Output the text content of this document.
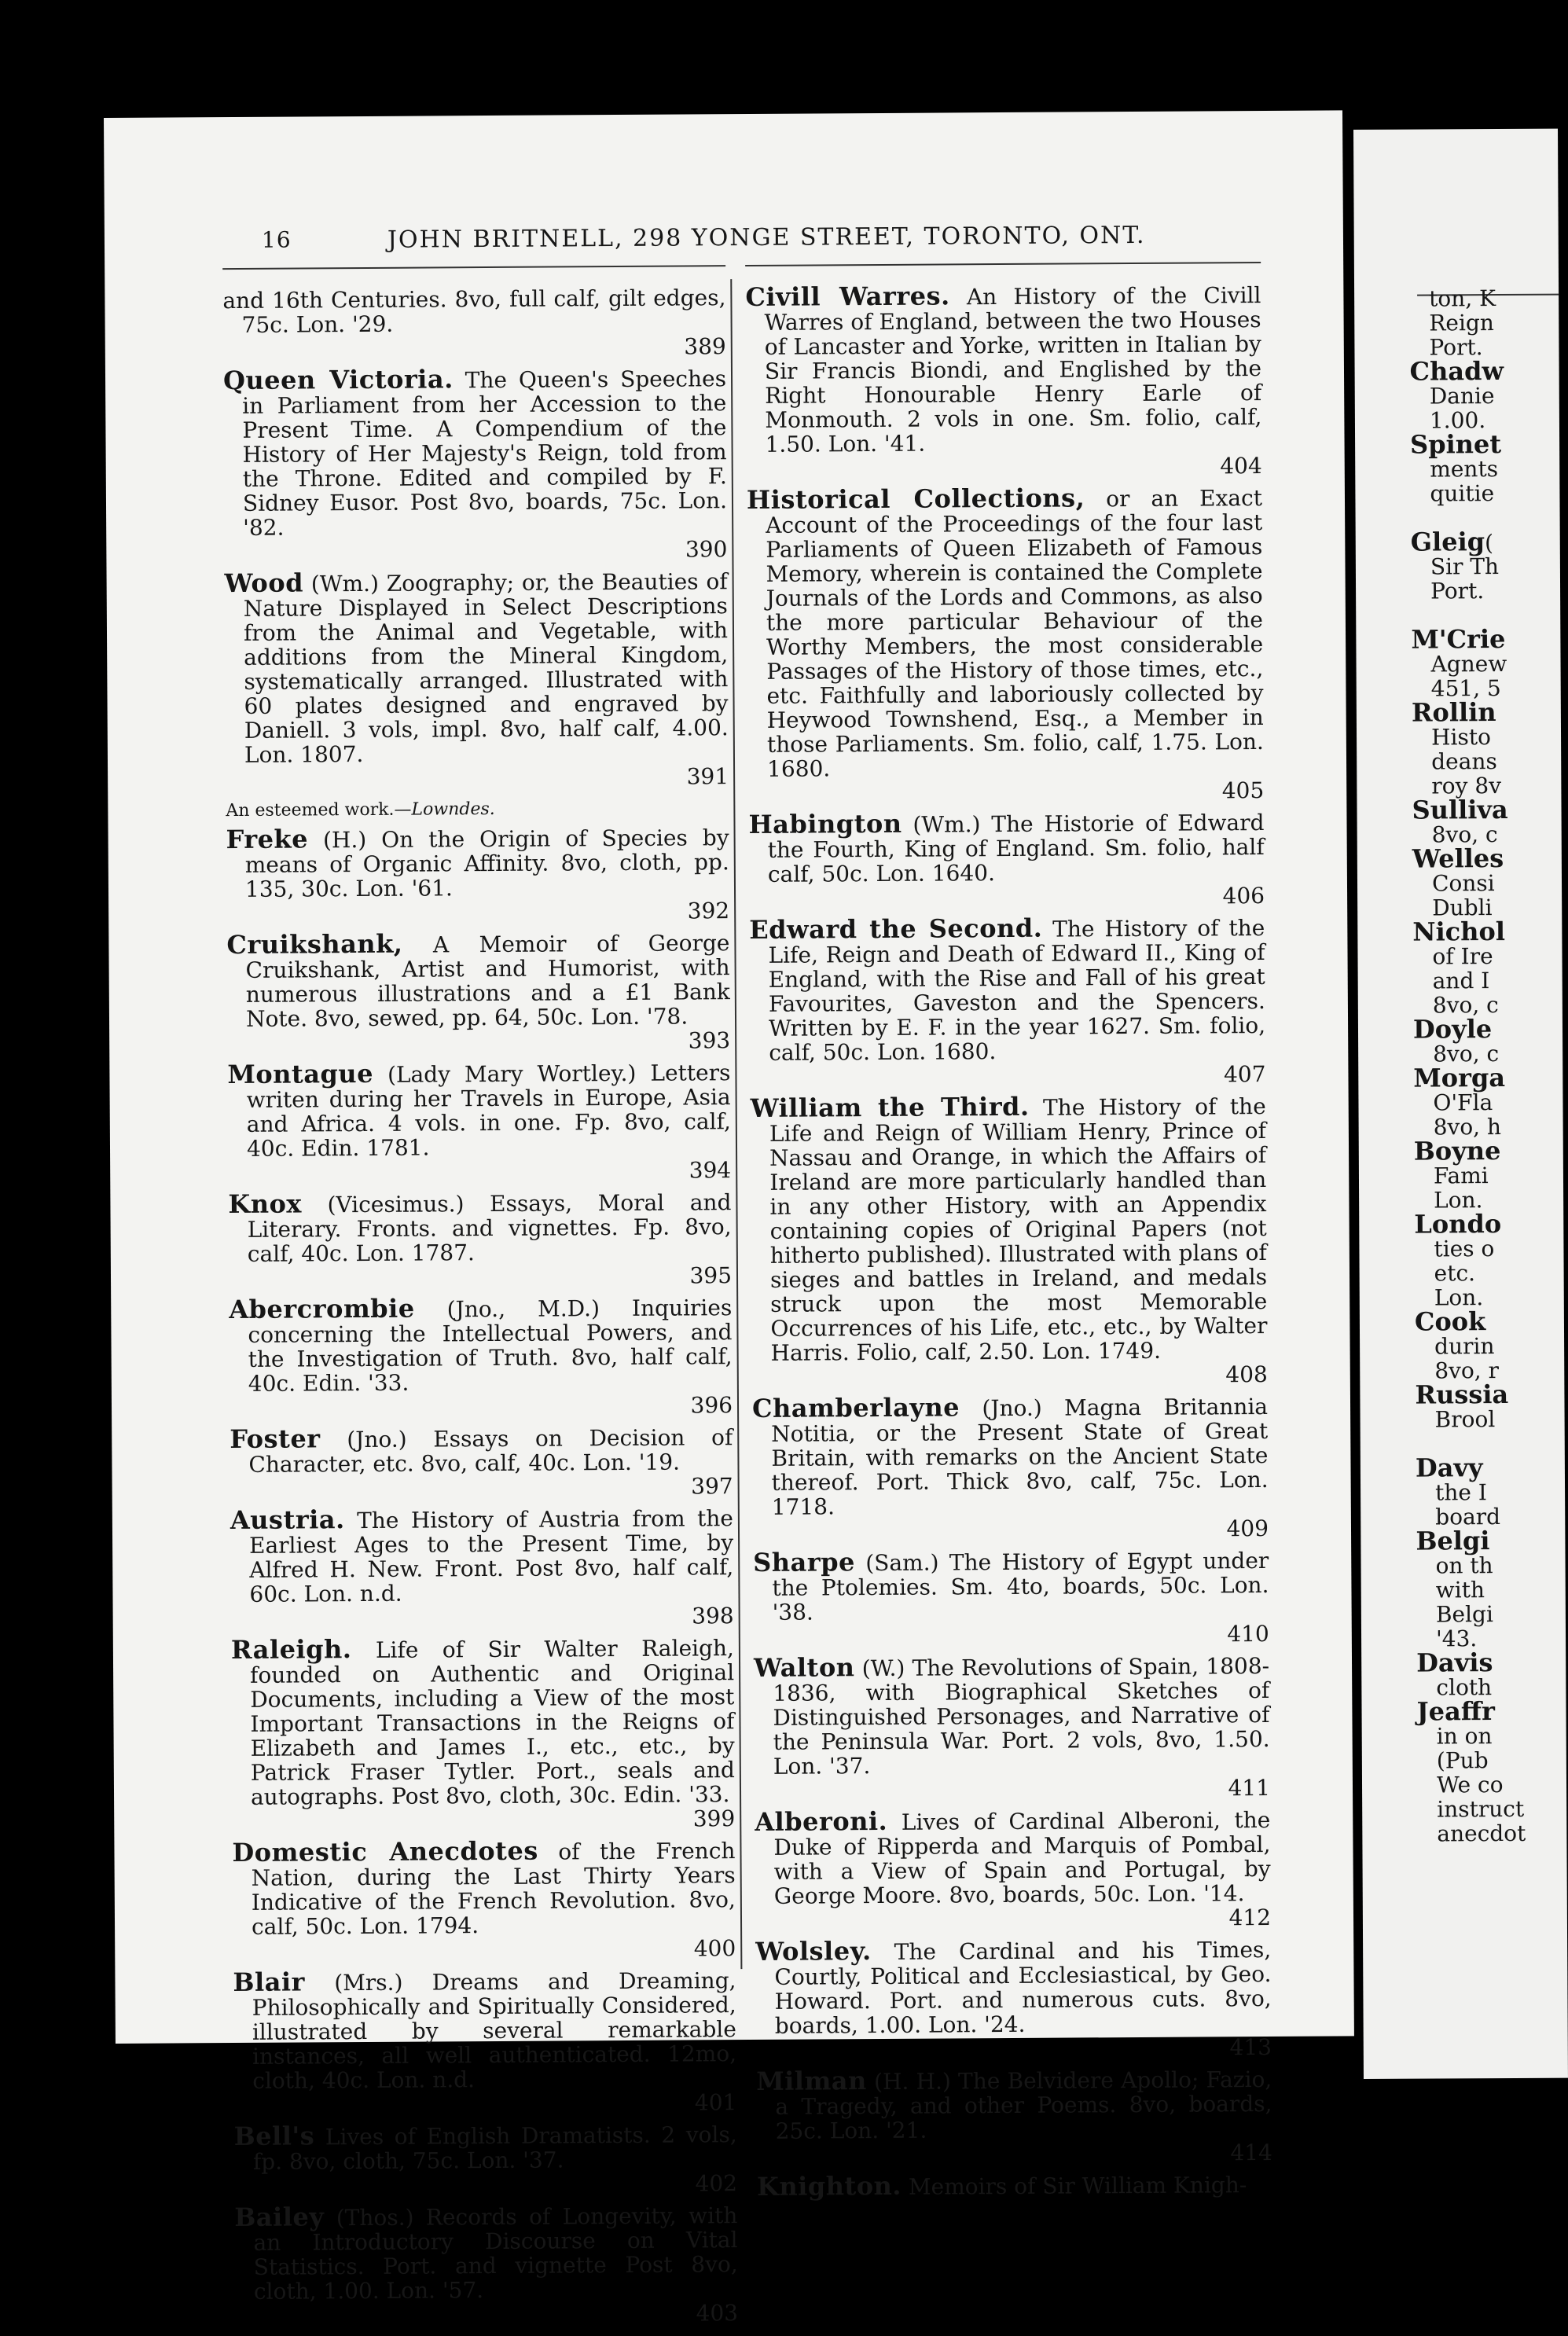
ton, K
Reign
Port.
Chadw
Danie
1.00.
Spinet
ments
quitie
Gleig(
Sir Th
Port.
M'Crie
Agnew
451, 5
Rollin
Histo
deans
roy 8v
Sulliva
8vo, c
Welles
Consi
Dubli
Nichol
of Ire
and I
8vo, c
Doyle
8vo, c
Morga
O'Fla
8vo, h
Boyne
Fami
Lon.
Londo
ties o
etc.
Lon.
Cook
durin
8vo, r
Russia
Brool
Davy
the I
board
Belgi
on th
with
Belgi
'43.
Davis
cloth
Jeaffr
in on
(Pub
We co
instruct
anecdot
16	JOHN BRITNELL, 298 YONGE STREET, TORONTO, ONT.
and 16th Centuries. 8vo, full calf, gilt edges, 75c. Lon. '29.
389
Queen Victoria. The Queen's Speeches in Parliament from her Accession to the Present Time. A Compendium of the History of Her Majesty's Reign, told from the Throne. Edited and compiled by F. Sidney Eusor. Post 8vo, boards, 75c. Lon. '82.
390
Wood (Wm.) Zoography; or, the Beauties of Nature Displayed in Select Descriptions from the Animal and Vegetable, with additions from the Mineral Kingdom, systematically arranged. Illustrated with 60 plates designed and engraved by Daniell. 3 vols, impl. 8vo, half calf, 4.00. Lon. 1807.
391
An esteemed work.—Lowndes.
Freke (H.) On the Origin of Species by means of Organic Affinity. 8vo, cloth, pp. 135, 30c. Lon. '61.
392
Cruikshank, A Memoir of George Cruikshank, Artist and Humorist, with numerous illustrations and a £1 Bank Note. 8vo, sewed, pp. 64, 50c. Lon. '78.
393
Montague (Lady Mary Wortley.) Letters writen during her Travels in Europe, Asia and Africa. 4 vols. in one. Fp. 8vo, calf, 40c. Edin. 1781.
394
Knox (Vicesimus.) Essays, Moral and Literary. Fronts. and vignettes. Fp. 8vo, calf, 40c. Lon. 1787.
395
Abercrombie (Jno., M.D.) Inquiries concerning the Intellectual Powers, and the Investigation of Truth. 8vo, half calf, 40c. Edin. '33.
396
Foster (Jno.) Essays on Decision of Character, etc. 8vo, calf, 40c. Lon. '19.
397
Austria. The History of Austria from the Earliest Ages to the Present Time, by Alfred H. New. Front. Post 8vo, half calf, 60c. Lon. n.d.
398
Raleigh. Life of Sir Walter Raleigh, founded on Authentic and Original Documents, including a View of the most Important Transactions in the Reigns of Elizabeth and James I., etc., etc., by Patrick Fraser Tytler. Port., seals and autographs. Post 8vo, cloth, 30c. Edin. '33.
399
Domestic Anecdotes of the French Nation, during the Last Thirty Years Indicative of the French Revolution. 8vo, calf, 50c. Lon. 1794.
400
Blair (Mrs.) Dreams and Dreaming, Philosophically and Spiritually Considered, illustrated by several remarkable instances, all well authenticated. 12mo, cloth, 40c. Lon. n.d.
401
Bell's Lives of English Dramatists. 2 vols, fp. 8vo, cloth, 75c. Lon. '37.
402
Bailey (Thos.) Records of Longevity, with an Introductory Discourse on Vital Statistics. Port. and vignette Post 8vo, cloth, 1.00. Lon. '57.
403
Civill Warres. An History of the Civill Warres of England, between the two Houses of Lancaster and Yorke, written in Italian by Sir Francis Biondi, and Englished by the Right Honourable Henry Earle of Monmouth. 2 vols in one. Sm. folio, calf, 1.50. Lon. '41.
404
Historical Collections, or an Exact Account of the Proceedings of the four last Parliaments of Queen Elizabeth of Famous Memory, wherein is contained the Complete Journals of the Lords and Commons, as also the more particular Behaviour of the Worthy Members, the most considerable Passages of the History of those times, etc., etc. Faithfully and laboriously collected by Heywood Townshend, Esq., a Member in those Parliaments. Sm. folio, calf, 1.75. Lon. 1680.
405
Habington (Wm.) The Historie of Edward the Fourth, King of England. Sm. folio, half calf, 50c. Lon. 1640.
406
Edward the Second. The History of the Life, Reign and Death of Edward II., King of England, with the Rise and Fall of his great Favourites, Gaveston and the Spencers. Written by E. F. in the year 1627. Sm. folio, calf, 50c. Lon. 1680.
407
William the Third. The History of the Life and Reign of William Henry, Prince of Nassau and Orange, in which the Affairs of Ireland are more particularly handled than in any other History, with an Appendix containing copies of Original Papers (not hitherto published). Illustrated with plans of sieges and battles in Ireland, and medals struck upon the most Memorable Occurrences of his Life, etc., etc., by Walter Harris. Folio, calf, 2.50. Lon. 1749.
408
Chamberlayne (Jno.) Magna Britannia Notitia, or the Present State of Great Britain, with remarks on the Ancient State thereof. Port. Thick 8vo, calf, 75c. Lon. 1718.
409
Sharpe (Sam.) The History of Egypt under the Ptolemies. Sm. 4to, boards, 50c. Lon. '38.
410
Walton (W.) The Revolutions of Spain, 1808-1836, with Biographical Sketches of Distinguished Personages, and Narrative of the Peninsula War. Port. 2 vols, 8vo, 1.50. Lon. '37.
411
Alberoni. Lives of Cardinal Alberoni, the Duke of Ripperda and Marquis of Pombal, with a View of Spain and Portugal, by George Moore. 8vo, boards, 50c. Lon. '14.
412
Wolsley. The Cardinal and his Times, Courtly, Political and Ecclesiastical, by Geo. Howard. Port. and numerous cuts. 8vo, boards, 1.00. Lon. '24.
413
Milman (H. H.) The Belvidere Apollo; Fazio, a Tragedy, and other Poems. 8vo, boards, 25c. Lon. '21.
414
Knighton. Memoirs of Sir William Knigh-
